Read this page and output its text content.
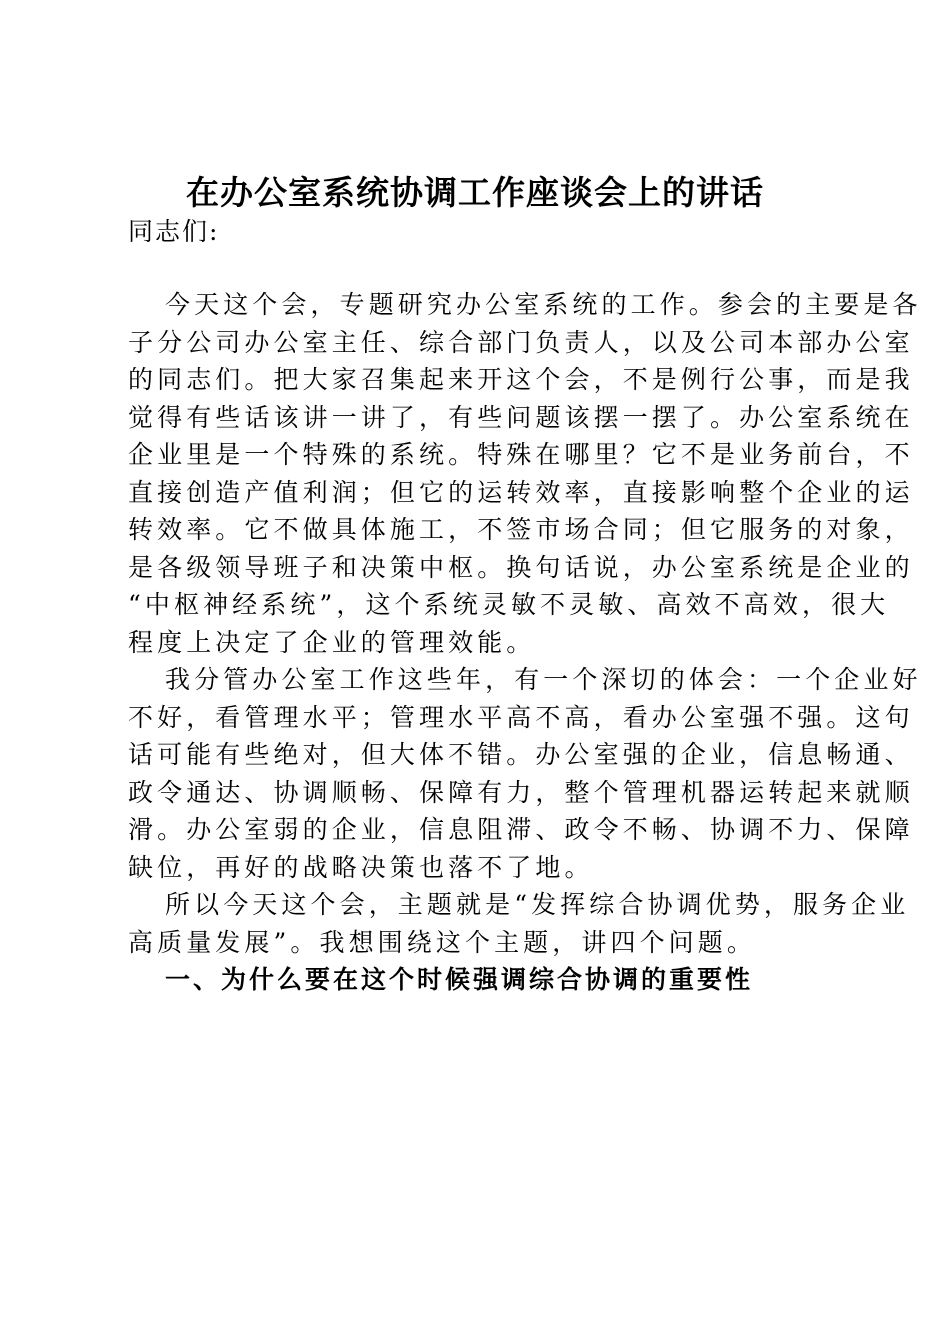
在办公室系统协调工作座谈会上的讲话
同志们:
今天这个会，专题研究办公室系统的工作。参会的主要是各
子分公司办公室主任、综合部门负责人，以及公司本部办公室
的同志们。把大家召集起来开这个会，不是例行公事，而是我
觉得有些话该讲一讲了，有些问题该摆一摆了。办公室系统在
企业里是一个特殊的系统。特殊在哪里？它不是业务前台，不
直接创造产值利润；但它的运转效率，直接影响整个企业的运
转效率。它不做具体施工，不签市场合同；但它服务的对象，
是各级领导班子和决策中枢。换句话说，办公室系统是企业的
“中枢神经系统”，这个系统灵敏不灵敏、高效不高效，很大
程度上决定了企业的管理效能。
我分管办公室工作这些年，有一个深切的体会：一个企业好
不好，看管理水平；管理水平高不高，看办公室强不强。这句
话可能有些绝对，但大体不错。办公室强的企业，信息畅通、
政令通达、协调顺畅、保障有力，整个管理机器运转起来就顺
滑。办公室弱的企业，信息阻滞、政令不畅、协调不力、保障
缺位，再好的战略决策也落不了地。
所以今天这个会，主题就是“发挥综合协调优势，服务企业
高质量发展”。我想围绕这个主题，讲四个问题。
一、为什么要在这个时候强调综合协调的重要性
